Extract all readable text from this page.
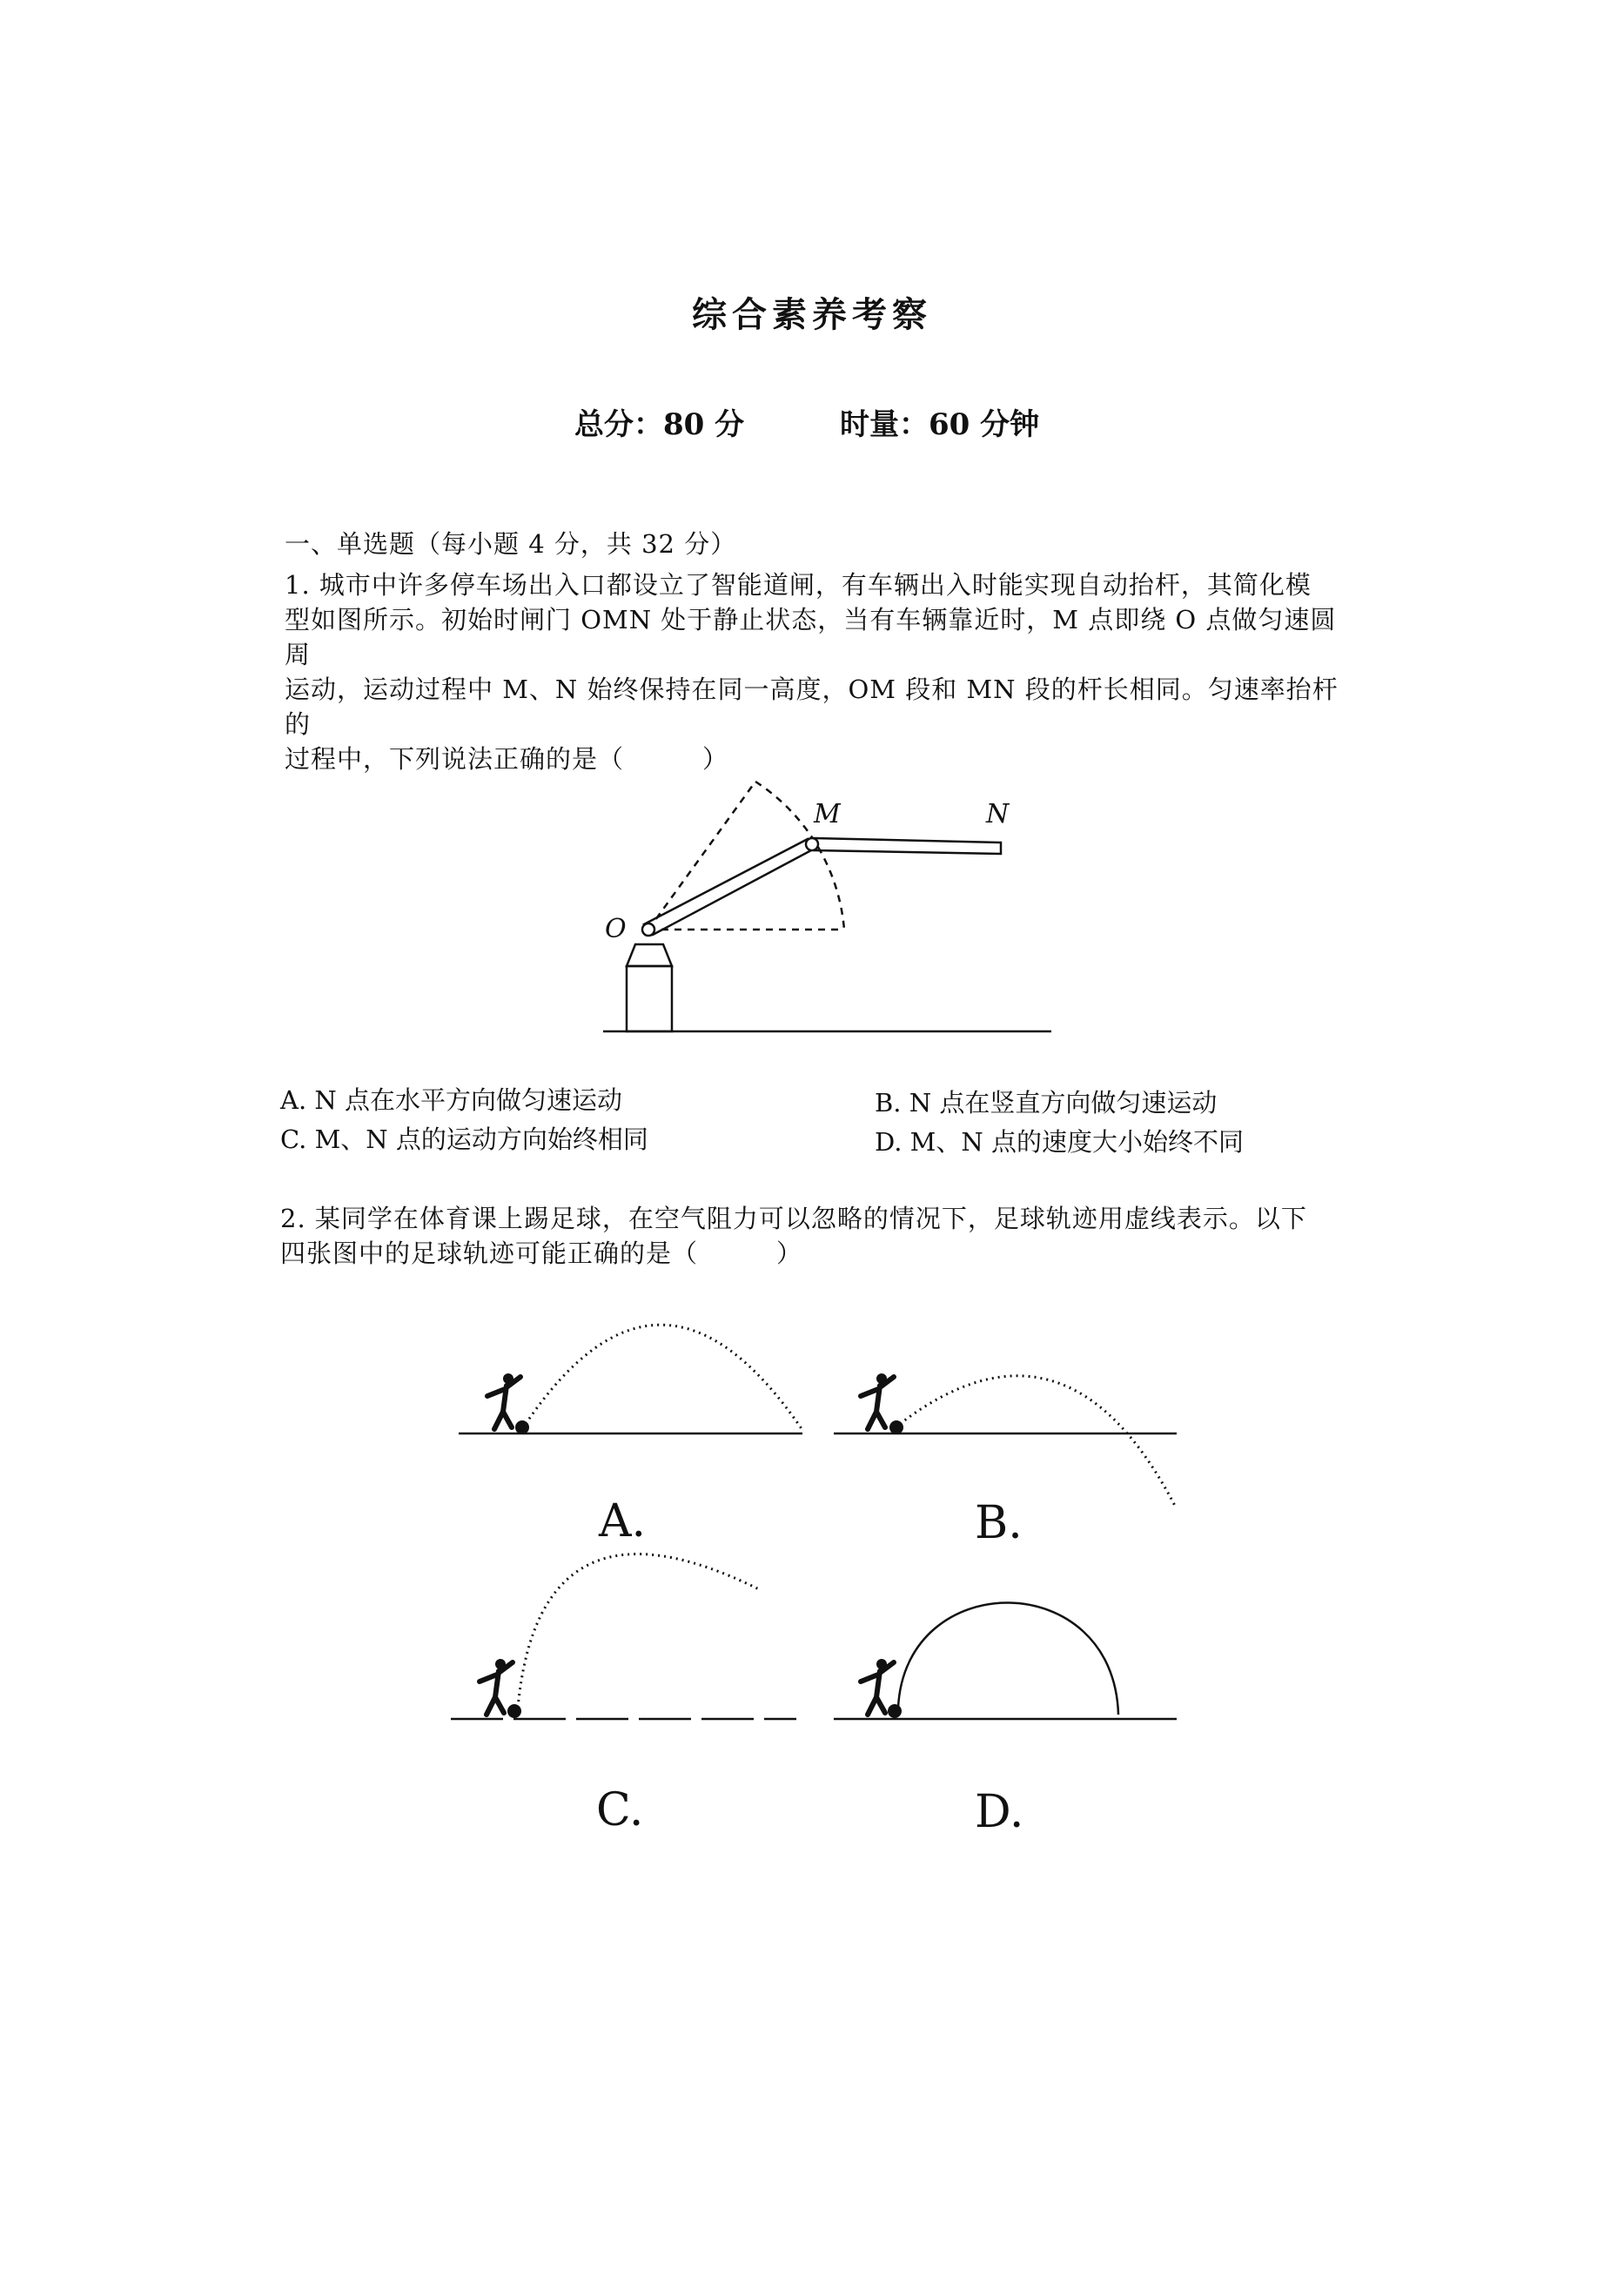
综合素养考察
总分：80 分	时量：60 分钟
一、单选题（每小题 4 分，共 32 分）
1. 城市中许多停车场出入口都设立了智能道闸，有车辆出入时能实现自动抬杆，其简化模
型如图所示。初始时闸门 OMN 处于静止状态，当有车辆靠近时，M 点即绕 O 点做匀速圆周
运动，运动过程中 M、N 始终保持在同一高度，OM 段和 MN 段的杆长相同。匀速率抬杆的
过程中，下列说法正确的是（　　　）
O
M	N
A. N 点在水平方向做匀速运动	B. N 点在竖直方向做匀速运动
C. M、N 点的运动方向始终相同	D. M、N 点的速度大小始终不同
2. 某同学在体育课上踢足球，在空气阻力可以忽略的情况下，足球轨迹用虚线表示。以下
四张图中的足球轨迹可能正确的是（　　　）
A.	B.
C.	D.
